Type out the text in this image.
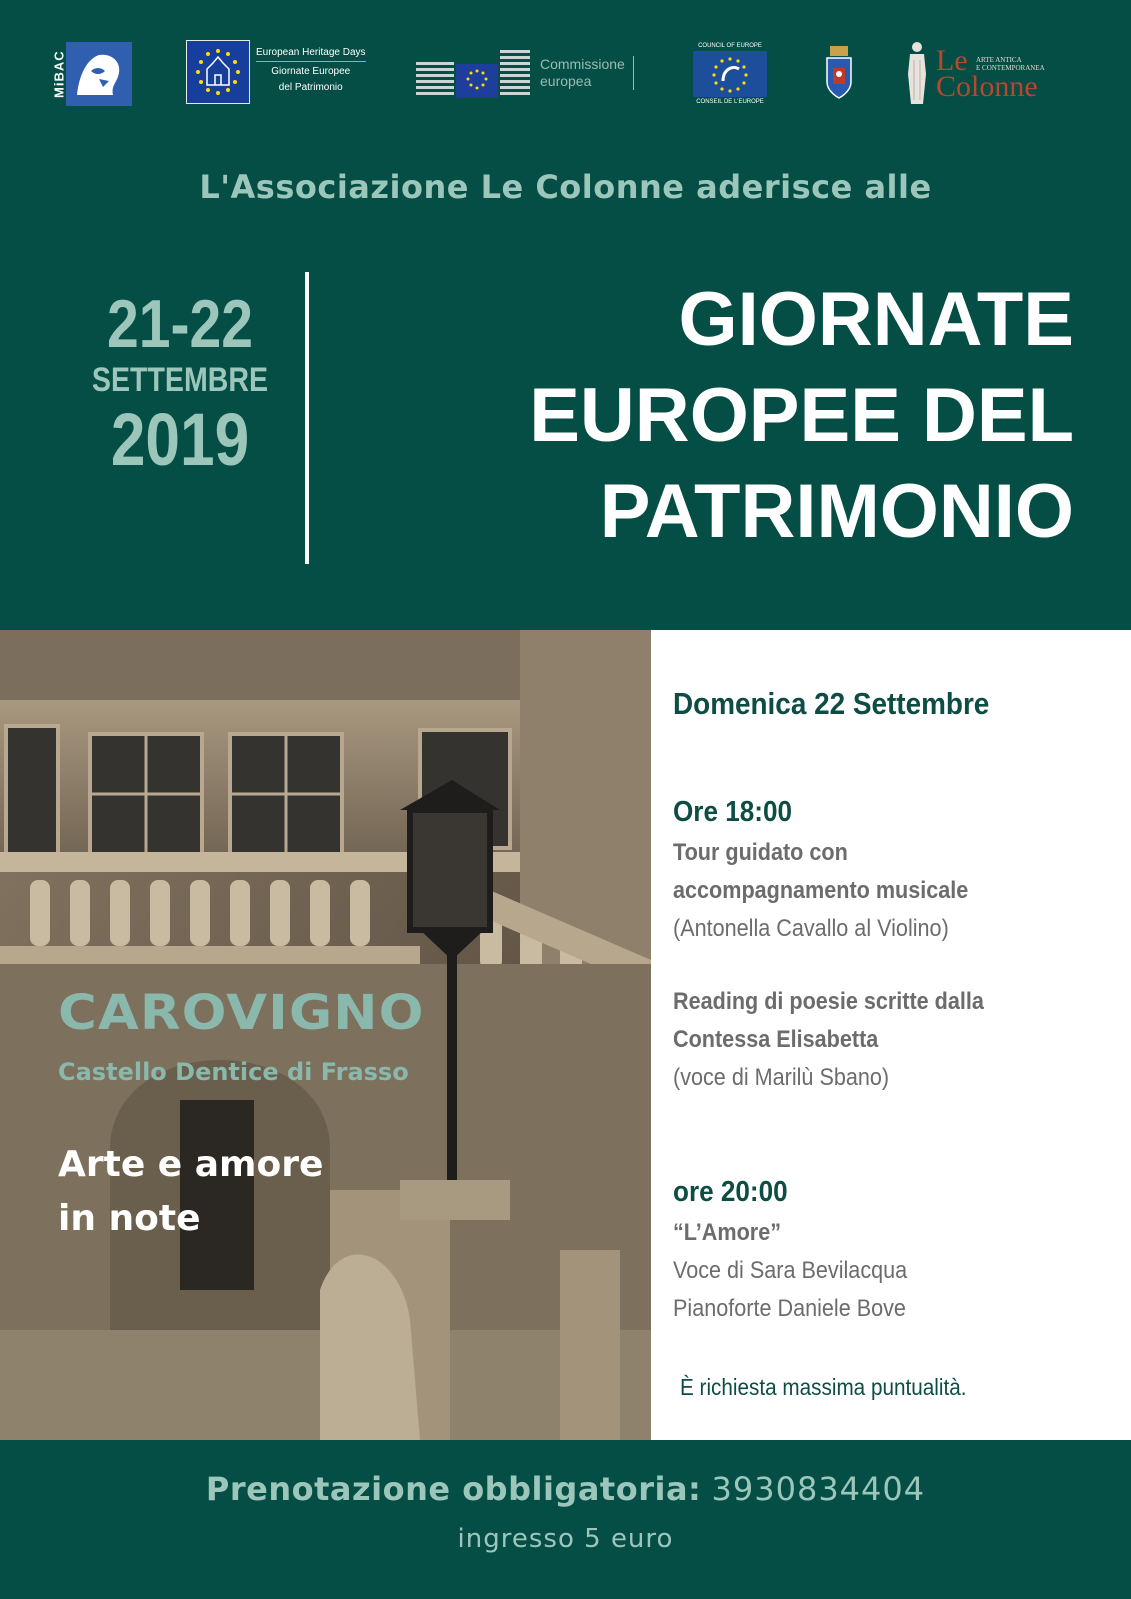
MiBAC	European Heritage Days
Giornate Europee
del Patrimonio
Commissione
europea
COUNCIL OF EUROPE
CONSEIL DE L'EUROPE
ARTE ANTICA
E CONTEMPORANEA
Le
Colonne
L'Associazione Le Colonne aderisce alle
21-22
SETTEMBRE
2019
GIORNATE
EUROPEE DEL
PATRIMONIO
CAROVIGNO
Castello Dentice di Frasso
Arte e amore
in note
Domenica 22 Settembre
Ore 18:00
Tour guidato con
accompagnamento musicale
(Antonella Cavallo al Violino)
Reading di poesie scritte dalla
Contessa Elisabetta
(voce di Marilù Sbano)
ore 20:00
“L’Amore”
Voce di Sara Bevilacqua
Pianoforte Daniele Bove
È richiesta massima puntualità.
Prenotazione obbligatoria: 3930834404
ingresso 5 euro
